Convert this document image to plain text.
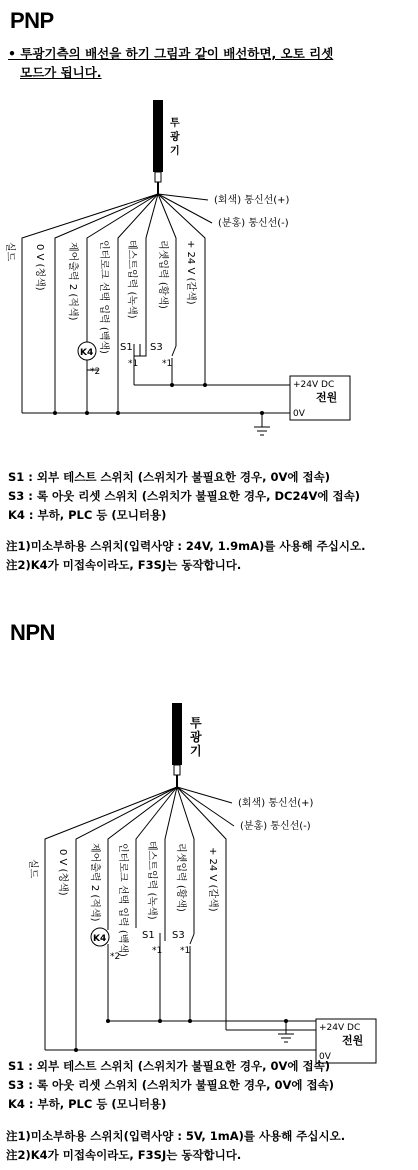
PNP
• 투광기측의 배선을 하기 그림과 같이 배선하면, 오토 리셋
모드가 됩니다.
투
광
기
(회색) 통신선(+)
(분홍) 통신선(-)
실드 0 V (청색) 제어출력 2 (적색) 인터로크 선택 입력 (백색) 테스트입력 (녹색) 리셋입력 (황색) + 24 V (갈색)
K4
*2
S1
*1
S3
*1
+24V DC
전원
0V
S1 : 외부 테스트 스위치 (스위치가 불필요한 경우, 0V에 접속)
S3 : 록 아웃 리셋 스위치 (스위치가 불필요한 경우, DC24V에 접속)
K4 : 부하, PLC 등 (모니터용)
注1)미소부하용 스위치(입력사양 : 24V, 1.9mA)를 사용해 주십시오.
注2)K4가 미접속이라도, F3SJ는 동작합니다.
NPN
투
광
기
(회색) 통신선(+)
(분홍) 통신선(-)
실드 0 V (청색) 제어출력 2 (적색) 인터로크 선택 입력 (백색) 테스트입력 (녹색) 리셋입력 (황색) + 24 V (갈색)
K4
*2
S1
*1
S3
*1
+24V DC
전원
0V
S1 : 외부 테스트 스위치 (스위치가 불필요한 경우, 0V에 접속)
S3 : 록 아웃 리셋 스위치 (스위치가 불필요한 경우, 0V에 접속)
K4 : 부하, PLC 등 (모니터용)
注1)미소부하용 스위치(입력사양 : 5V, 1mA)를 사용해 주십시오.
注2)K4가 미접속이라도, F3SJ는 동작합니다.
